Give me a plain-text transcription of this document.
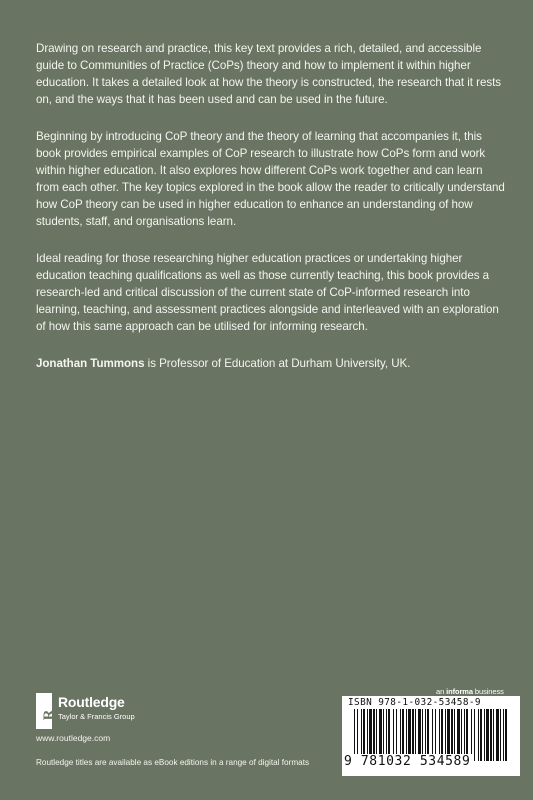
Drawing on research and practice, this key text provides a rich, detailed, and accessible guide to Communities of Practice (CoPs) theory and how to implement it within higher education. It takes a detailed look at how the theory is constructed, the research that it rests on, and the ways that it has been used and can be used in the future.

Beginning by introducing CoP theory and the theory of learning that accompanies it, this book provides empirical examples of CoP research to illustrate how CoPs form and work within higher education. It also explores how different CoPs work together and can learn from each other. The key topics explored in the book allow the reader to critically understand how CoP theory can be used in higher education to enhance an understanding of how students, staff, and organisations learn.

Ideal reading for those researching higher education practices or undertaking higher education teaching qualifications as well as those currently teaching, this book provides a research-led and critical discussion of the current state of CoP-informed research into learning, teaching, and assessment practices alongside and interleaved with an exploration of how this same approach can be utilised for informing research.

Jonathan Tummons is Professor of Education at Durham University, UK.

R
Routledge
Taylor & Francis Group
www.routledge.com
Routledge titles are available as eBook editions in a range of digital formats
an informa business
ISBN 978-1-032-53458-9
9 781032 534589
